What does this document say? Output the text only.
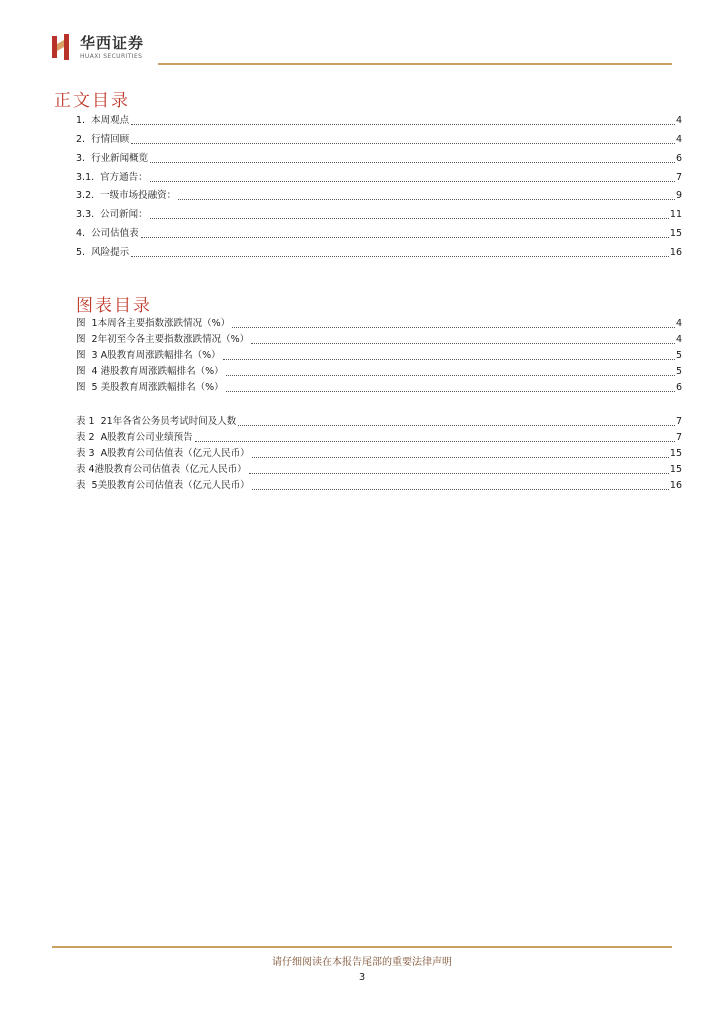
华西证券
HUAXI SECURITIES
正文目录
1.  本周观点	4
2.  行情回顾	4
3.  行业新闻概览	6
3.1.  官方通告：	7
3.2.  一级市场投融资：	9
3.3.  公司新闻：	11
4.  公司估值表	15
5.  风险提示	16
图表目录
图  1本周各主要指数涨跌情况（%）	4
图  2年初至今各主要指数涨跌情况（%）	4
图  3 A股教育周涨跌幅排名（%）	5
图  4 港股教育周涨跌幅排名（%）	5
图  5 美股教育周涨跌幅排名（%）	6
表 1  21年各省公务员考试时间及人数	7
表 2  A股教育公司业绩预告	7
表 3  A股教育公司估值表（亿元人民币）	15
表 4港股教育公司估值表（亿元人民币）	15
表  5美股教育公司估值表（亿元人民币）	16
请仔细阅读在本报告尾部的重要法律声明
3
